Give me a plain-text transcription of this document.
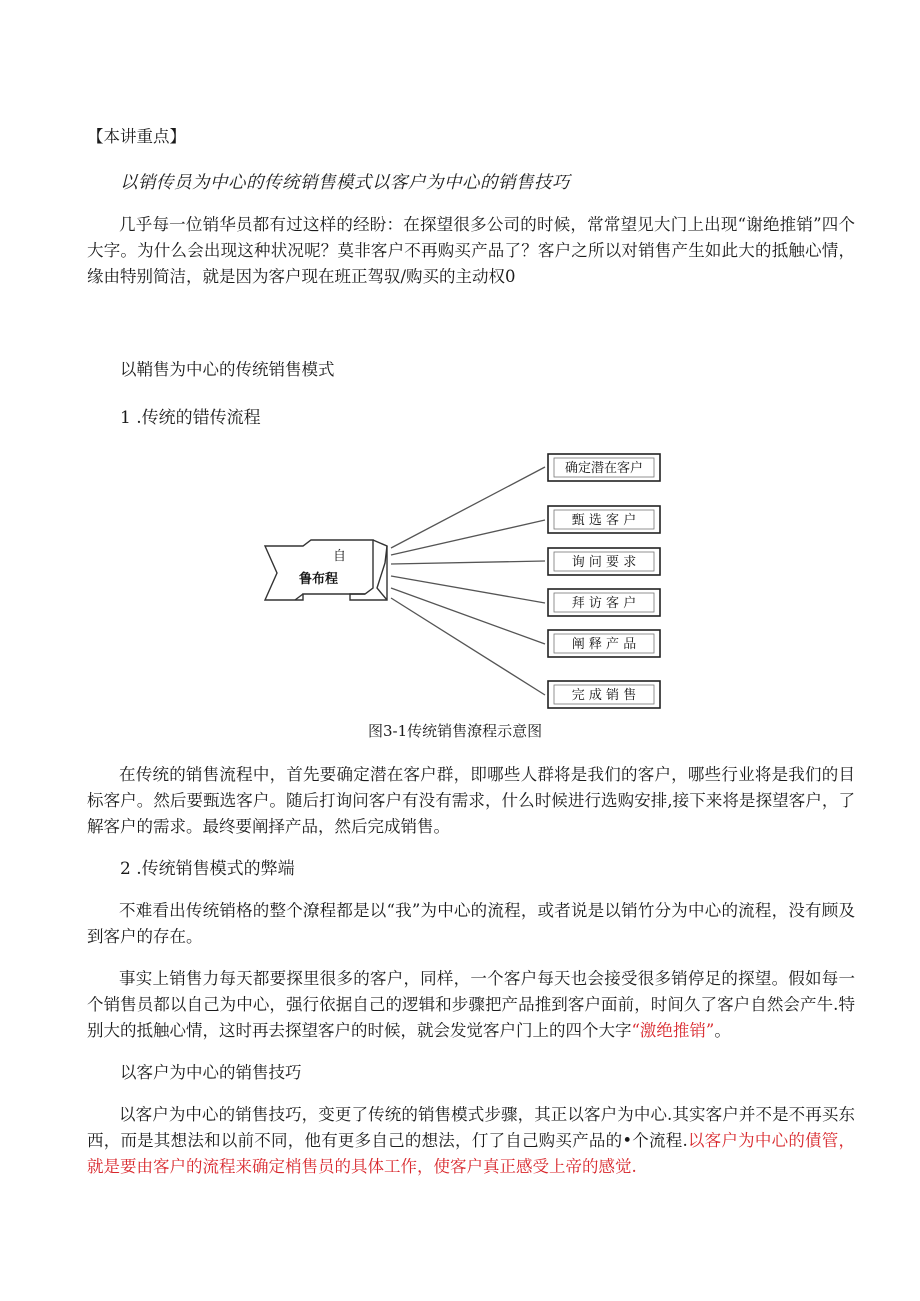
【本讲重点】

以销传员为中心的传统销售模式以客户为中心的销售技巧

几乎每一位销华员都有过这样的经盼：在探望很多公司的时候，常常望见大门上出现“谢绝推销”四个大字。为什么会出现这种状况呢？莫非客户不再购买产品了？客户之所以对销售产生如此大的抵触心情，缘由特别简洁，就是因为客户现在班正驾驭/购买的主动权0

以鞘售为中心的传统销售模式

1 .传统的错传流程

自
鲁布程
确定潜在客户
甄 选 客 户
询 问 要 求
拜 访 客 户
阐 释 产 品
完 成 销 售

图3-1传统销售潦程示意图

在传统的销售流程中，首先要确定潜在客户群，即哪些人群将是我们的客户，哪些行业将是我们的目标客户。然后要甄选客户。随后打询问客户有没有需求，什么时候进行选购安排,接下来将是探望客户，了解客户的需求。最终要阐择产品，然后完成销售。

2 .传统销售模式的弊端

不难看出传统销格的整个潦程都是以“我”为中心的流程，或者说是以销竹分为中心的流程，没有顾及到客户的存在。

事实上销售力每天都要探里很多的客户，同样，一个客户每天也会接受很多销停足的探望。假如每一个销售员都以自己为中心，强行依据自己的逻辑和步骤把产品推到客户面前，时间久了客户自然会产牛.特别大的抵触心情，这时再去探望客户的时候，就会发觉客户门上的四个大字“激绝推销”。

以客户为中心的销售技巧

以客户为中心的销售技巧，变更了传统的销售模式步骤，其正以客户为中心.其实客户并不是不再买东西，而是其想法和以前不同，他有更多自己的想法，仃了自己购买产品的•个流程.以客户为中心的債管，就是要由客户的流程来确定梢售员的具体工作，使客户真正感受上帝的感觉.
